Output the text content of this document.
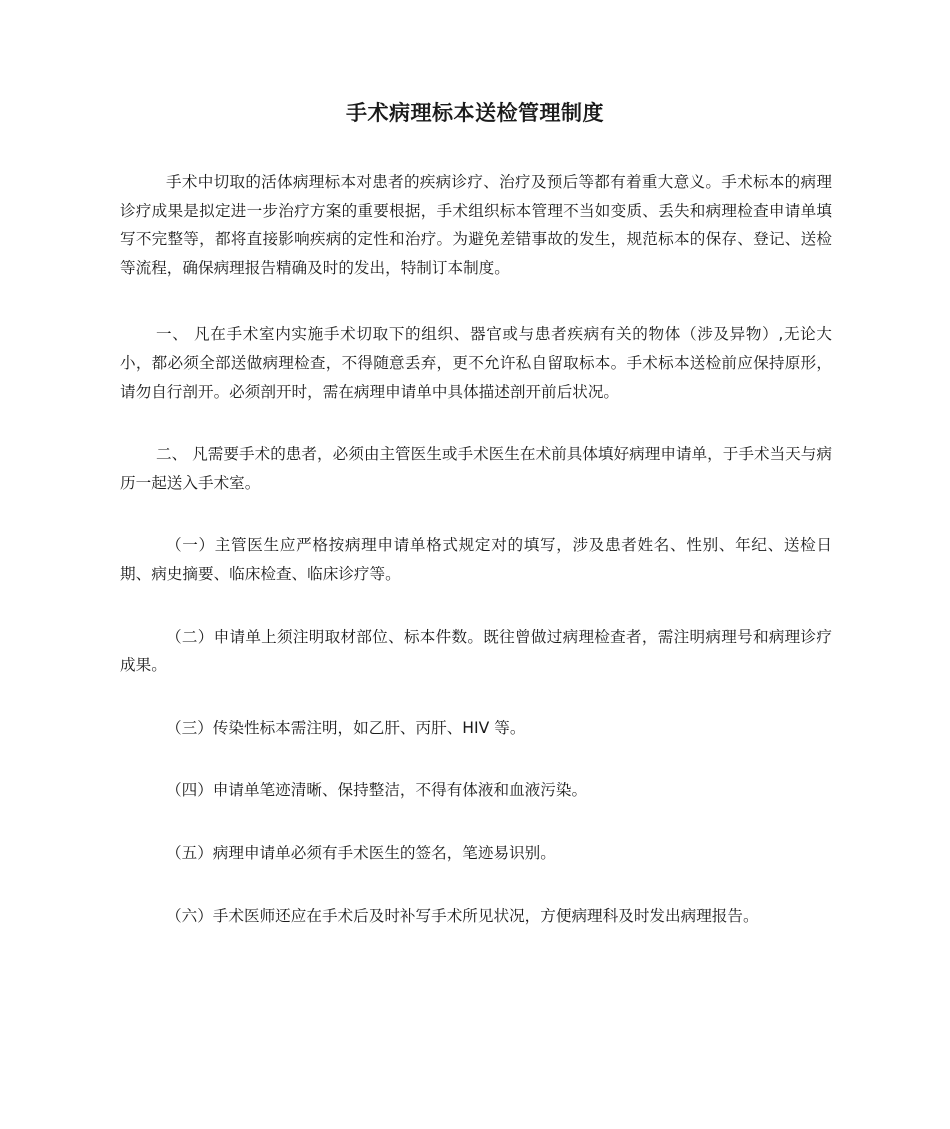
手术病理标本送检管理制度

手术中切取的活体病理标本对患者的疾病诊疗、治疗及预后等都有着重大意义。手术标本的病理诊疗成果是拟定进一步治疗方案的重要根据，手术组织标本管理不当如变质、丢失和病理检查申请单填写不完整等，都将直接影响疾病的定性和治疗。为避免差错事故的发生，规范标本的保存、登记、送检等流程，确保病理报告精确及时的发出，特制订本制度。

一、 凡在手术室内实施手术切取下的组织、器官或与患者疾病有关的物体（涉及异物）,无论大小，都必须全部送做病理检查，不得随意丢弃，更不允许私自留取标本。手术标本送检前应保持原形，请勿自行剖开。必须剖开时，需在病理申请单中具体描述剖开前后状况。

二、 凡需要手术的患者，必须由主管医生或手术医生在术前具体填好病理申请单，于手术当天与病历一起送入手术室。

（一）主管医生应严格按病理申请单格式规定对的填写，涉及患者姓名、性别、年纪、送检日期、病史摘要、临床检查、临床诊疗等。

（二）申请单上须注明取材部位、标本件数。既往曾做过病理检查者，需注明病理号和病理诊疗成果。

（三）传染性标本需注明，如乙肝、丙肝、HIV 等。

（四）申请单笔迹清晰、保持整洁，不得有体液和血液污染。

（五）病理申请单必须有手术医生的签名，笔迹易识别。

（六）手术医师还应在手术后及时补写手术所见状况，方便病理科及时发出病理报告。
